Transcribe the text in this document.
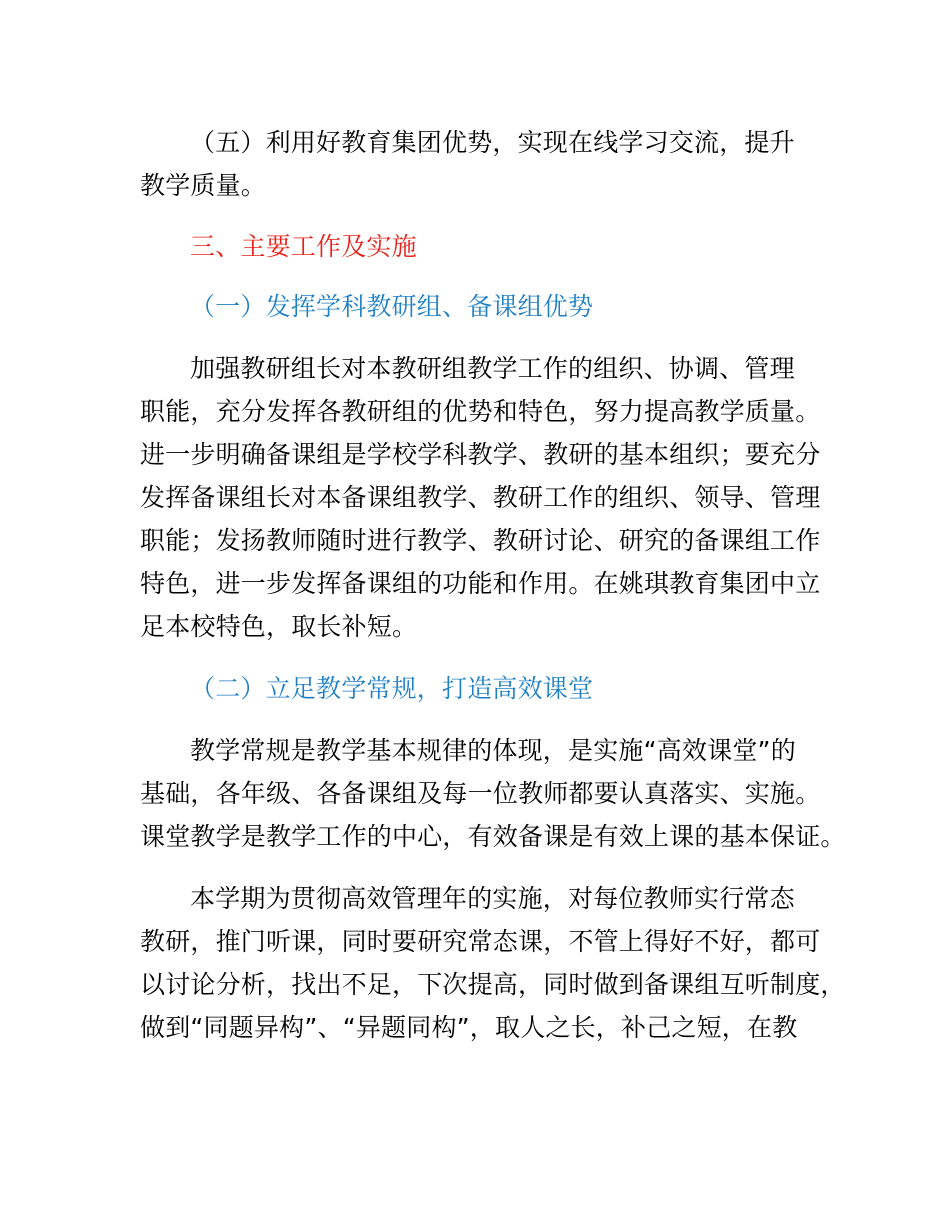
（五）利用好教育集团优势，实现在线学习交流，提升
教学质量。
三、主要工作及实施
（一）发挥学科教研组、备课组优势
加强教研组长对本教研组教学工作的组织、协调、管理
职能，充分发挥各教研组的优势和特色，努力提高教学质量。
进一步明确备课组是学校学科教学、教研的基本组织；要充分
发挥备课组长对本备课组教学、教研工作的组织、领导、管理
职能；发扬教师随时进行教学、教研讨论、研究的备课组工作
特色，进一步发挥备课组的功能和作用。在姚琪教育集团中立
足本校特色，取长补短。
（二）立足教学常规，打造高效课堂
教学常规是教学基本规律的体现，是实施“高效课堂”的
基础，各年级、各备课组及每一位教师都要认真落实、实施。
课堂教学是教学工作的中心，有效备课是有效上课的基本保证。
本学期为贯彻高效管理年的实施，对每位教师实行常态
教研，推门听课，同时要研究常态课，不管上得好不好，都可
以讨论分析，找出不足，下次提高，同时做到备课组互听制度，
做到“同题异构”、“异题同构”，取人之长，补己之短，在教
